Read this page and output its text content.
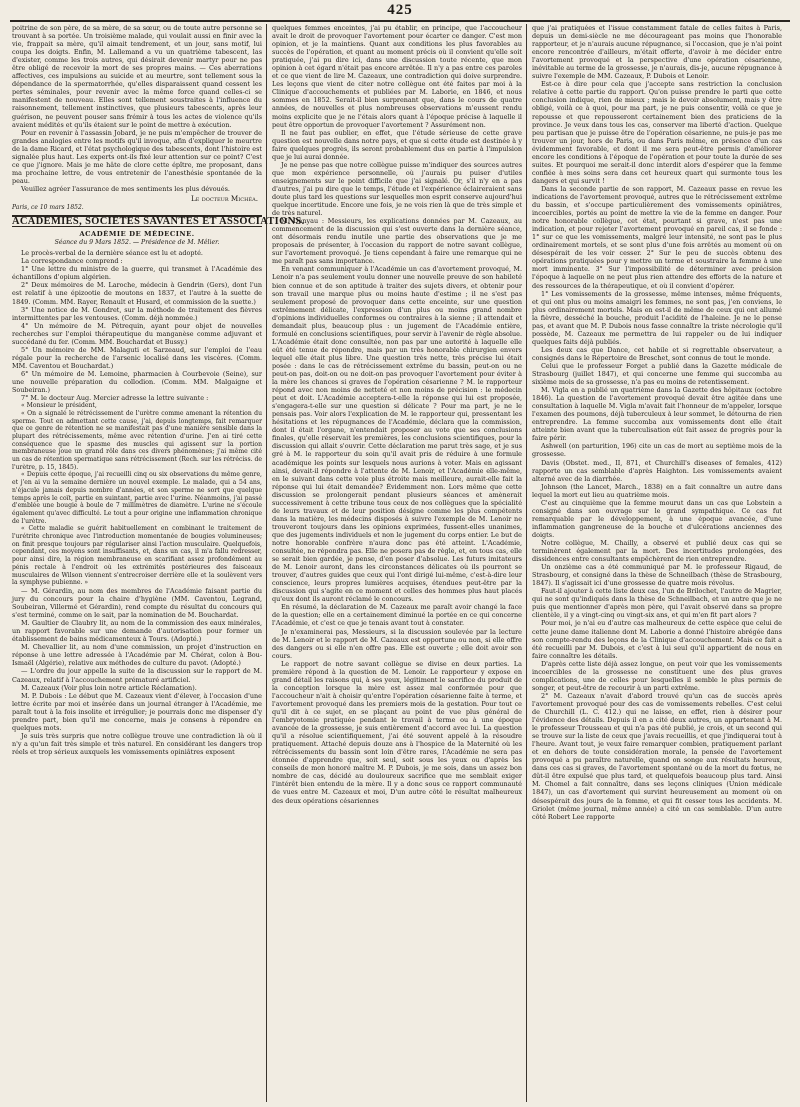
425

poitrine de son père, de sa mère, de sa sœur, ou de toute autre personne se trouvant à sa portée. Un troisième malade, qui voulait aussi en finir avec la vie, frappait sa mère, qu'il aimait tendrement, et un jour, sans motif, lui coupa les doigts. Enfin, M. Lallemand a vu un quatrième tabescent, las d'exister, comme les trois autres, qui désirait devenir martyr pour ne pas être obligé de recevoir la mort de ses propres mains. — Ces aberrations affectives, ces impulsions au suicide et au meurtre, sont tellement sous la dépendance de la spermatorrhée, qu'elles disparaissent quand cessent les pertes séminales, pour revenir avec la même force quand celles-ci se manifestent de nouveau. Elles sont tellement soustraites à l'influence du raisonnement, tellement instinctives, que plusieurs tabescents, après leur guérison, ne peuvent pouser sans frémir à tous les actes de violence qu'ils avaient médités et qu'ils étaient sur le point de mettre à exécution.

Pour en revenir à l'assassin Jobard, je ne puis m'empêcher de trouver de grandes analogies entre les motifs qu'il invoque, afin d'expliquer le meurtre de la dame Ricard, et l'état psychologique des tabescents, dont l'histoire est signalée plus haut. Les experts ont-ils fixé leur attention sur ce point? C'est ce que j'ignore. Mais je me hâte de clore cette épître, me proposant, dans ma prochaine lettre, de vous entretenir de l'anesthésie spontanée de la peau.

Veuillez agréer l'assurance de mes sentiments les plus dévoués.

Le docteur Michéa.

Paris, ce 10 mars 1852.

ACADÉMIES, SOCIÉTÉS SAVANTES ET ASSOCIATIONS.

ACADÉMIE DE MÉDECINE.

Séance du 9 Mars 1852. — Présidence de M. Mêlier.

Le procès-verbal de la dernière séance est lu et adopté.

La correspondance comprend :

1° Une lettre du ministre de la guerre, qui transmet à l'Académie des échantillons d'opium algérien.

2° Deux mémoires de M. Laroche, médecin à Gendrin (Gers), dont l'un est relatif à une épizootie de moutons en 1837, et l'autre à la suette de 1849. (Comm. MM. Rayer, Renault et Husard, et commission de la suette.)

3° Une notice de M. Gondret, sur la méthode de traitement des fièvres intermittentes par les ventouses. (Comm. déjà nommée.)

4° Un mémoire de M. Pétrequin, ayant pour objet de nouvelles recherches sur l'emploi thérapeutique du manganèse comme adjuvant et succédané du fer. (Comm. MM. Bouchardat et Bussy.)

5° Un mémoire de MM. Malaguti et Sarzeaud, sur l'emploi de l'eau régale pour la recherche de l'arsenic localisé dans les viscères. (Comm. MM. Caventou et Bouchardat.)

6° Un mémoire de M. Lemoine, pharmacien à Courbevoie (Seine), sur une nouvelle préparation du collodion. (Comm. MM. Malgaigne et Soubeiran.)

7° M. le docteur Aug. Mercier adresse la lettre suivante :

« Monsieur le président,

« On a signalé le rétrécissement de l'urètre comme amenant la rétention du sperme. Tout en admettant cette cause, j'ai, depuis longtemps, fait remarquer que ce genre de rétention ne se manifestait pas d'une manière sensible dans la plupart des rétrécissements, même avec rétention d'urine. J'en ai tiré cette conséquence que le spasme des muscles qui agissent sur la portion membraneuse joue un grand rôle dans ces divers phénomènes; j'ai même cité un cas de rétention spermatique sans rétrécissement (Rech. sur les rétréciss. de l'urètre, p. 15, 1845).

« Depuis cette époque, j'ai recueilli cinq ou six observations du même genre, et j'en ai vu la semaine dernière un nouvel exemple. Le malade, qui a 54 ans, n'éjacule jamais depuis nombre d'années, et son sperme ne sort que quelque temps après le coït, partie en suintant, partie avec l'urine. Néanmoins, j'ai passé d'emblée une bougie à boule de 7 millimètres de diamètre. L'urine ne s'écoule également qu'avec difficulté. Le tout a pour origine une inflammation chronique de l'urètre.

« Cette maladie se guérit habituellement en combinant le traitement de l'urétrite chronique avec l'introduction momentanée de bougies volumineuses; on finit presque toujours par régulariser ainsi l'action musculaire. Quelquefois, cependant, ces moyens sont insuffisants, et, dans un cas, il m'a fallu redresser, pour ainsi dire, la région membraneuse en scarifiant assez profondément au pénis rectale à l'endroit où les extrémités postérieures des faisceaux musculaires de Wilson viennent s'entrecroiser derrière elle et la soulèvent vers la symphyse pubienne. »

— M. Gérardin, au nom des membres de l'Académie faisant partie du jury du concours pour la chaire d'hygiène (MM. Caventou, Legrand, Soubeiran, Villermé et Gérardin), rend compte du résultat du concours qui s'est terminé, comme on le sait, par la nomination de M. Bouchardat.

M. Gaultier de Claubry lit, au nom de la commission des eaux minérales, un rapport favorable sur une demande d'autorisation pour former un établissement de bains médicamenteux à Tours. (Adopté.)

M. Chevallier lit, au nom d'une commission, un projet d'instruction en réponse à une lettre adressée à l'Académie par M. Chérat, colon à Bou-Ismaël (Algérie), relative aux méthodes de culture du pavot. (Adopté.)

— L'ordre du jour appelle la suite de la discussion sur le rapport de M. Cazeaux, relatif à l'accouchement prématuré artificiel.

M. Cazeaux (Voir plus loin notre article Réclamation).

M. P. Dubois : Le début que M. Cazeaux vient d'élever, à l'occasion d'une lettre écrite par moi et insérée dans un journal étranger à l'Académie, me paraît tout à la fois insolite et irrégulier; je pourrais donc me dispenser d'y prendre part, bien qu'il me concerne, mais je consens à répondre en quelques mots.

Je suis très surpris que notre collègue trouve une contradiction là où il n'y a qu'un fait très simple et très naturel. En considérant les dangers trop réels et trop sérieux auxquels les vomissements opiniâtres exposent

quelques femmes enceintes, j'ai pu établir, en principe, que l'accoucheur avait le droit de provoquer l'avortement pour écarter ce danger. C'est mon opinion, et je la maintiens. Quant aux conditions les plus favorables au succès de l'opération, et quant au moment précis où il convient qu'elle soit pratiquée, j'ai pu dire ici, dans une discussion toute récente, que mon opinion à cet égard n'était pas encore arrêtée. Il n'y a pas entre ces paroles et ce que vient de lire M. Cazeaux, une contradiction qui doive surprendre. Les leçons que vient de citer notre collègue ont été faites par moi à la Clinique d'accouchements et publiées par M. Laborie, en 1846, et nous sommes en 1852. Serait-il bien surprenant que, dans le cours de quatre années, de nouvelles et plus nombreuses observations m'eussent rendu moins explicite que je ne l'étais alors quant à l'époque précise à laquelle il peut être opportun de provoquer l'avortement ? Assurément non.

Il ne faut pas oublier, en effet, que l'étude sérieuse de cette grave question est nouvelle dans notre pays, et que si cette étude est destinée à y faire quelques progrès, ils seront probablement dus en partie à l'impulsion que je lui aurai donnée.

Je ne pense pas que notre collègue puisse m'indiquer des sources autres que mon expérience personnelle, où j'aurais pu puiser d'utiles enseignements sur le point difficile que j'ai signalé. Or, s'il n'y en a pas d'autres, j'ai pu dire que le temps, l'étude et l'expérience éclaireraient sans doute plus tard les questions sur lesquelles mon esprit conserve aujourd'hui quelque incertitude. Encore une fois, je ne vois rien là que de très simple et de très naturel.

M. Danyau : Messieurs, les explications données par M. Cazeaux, au commencement de la discussion qui s'est ouverte dans la dernière séance, ont désormais rendu inutile une partie des observations que je me proposais de présenter, à l'occasion du rapport de notre savant collègue, sur l'avortement provoqué. Je tiens cependant à faire une remarque qui ne me paraît pas sans importance.

En venant communiquer à l'Académie un cas d'avortement provoqué, M. Lenoir n'a pas seulement voulu donner une nouvelle preuve de son habileté bien connue et de son aptitude à traiter des sujets divers, et obtenir pour son travail une marque plus ou moins haute d'estime ; il ne s'est pas seulement proposé de provoquer dans cette enceinte, sur une question extrêmement délicate, l'expression d'un plus ou moins grand nombre d'opinions individuelles conformes ou contraires à la sienne ; il attendait et demandait plus, beaucoup plus : un jugement de l'Académie entière, formulé en conclusions scientifiques, pour servir à l'avenir de règle absolue. L'Académie était donc consultée, non pas par une autorité à laquelle elle eût été tenue de répondre, mais par un très honorable chirurgien envers lequel elle était plus libre. Une question très nette, très précise lui était posée : dans le cas de rétrécissement extrême du bassin, peut-on ou ne peut-on pas, doit-on ou ne doit-on pas provoquer l'avortement pour éviter à la mère les chances si graves de l'opération césarienne ? M. le rapporteur répond avec non moins de netteté et non moins de précision : le médecin peut et doit. L'Académie acceptera-t-elle la réponse qui lui est proposée, s'engagera-t-elle sur une question si délicate ? Pour ma part, je ne le pensais pas. Voir alors l'explication de M. le rapporteur qui, pressentant les hésitations et les répugnances de l'Académie, déclara que la commission, dont il était l'organe, n'entendait proposer au vote que ses conclusions finales, qu'elle réservait les premières, les conclusions scientifiques, pour la discussion qui allait s'ouvrir. Cette déclaration me parut très sage, et je sus gré à M. le rapporteur du soin qu'il avait pris de réduire à une formule académique les points sur lesquels nous aurions à voter. Mais en agissant ainsi, devait-il répondre à l'attente de M. Lenoir, et l'Académie elle-même, en le suivant dans cette voie plus étroite mais meilleure, aurait-elle fait la réponse qui lui était demandée? Évidemment non. Lors même que cette discussion se prolongerait pendant plusieurs séances et amènerait successivement à cette tribune tous ceux de nos collègues que la spécialité de leurs travaux et de leur position désigne comme les plus compétents dans la matière, les médecins disposés à suivre l'exemple de M. Lenoir ne trouveront toujours dans les opinions exprimées, fussent-elles unanimes, que des jugements individuels et non le jugement du corps entier. Le but de notre honorable confrère n'aura donc pas été atteint. L'Académie, consultée, ne répondra pas. Elle ne posera pas de règle, et, en tous cas, elle se serait bien gardée, je pense, d'en poser d'absolue. Les futurs imitateurs de M. Lenoir auront, dans les circonstances délicates où ils pourront se trouver, d'autres guides que ceux qui l'ont dirigé lui-même, c'est-à-dire leur conscience, leurs propres lumières acquises, étendues peut-être par la discussion qui s'agite en ce moment et celles des hommes plus haut placés qu'eux dont ils auront réclamé le concours.

En résumé, la déclaration de M. Cazeaux me paraît avoir changé la face de la question; elle en a certainement diminué la portée en ce qui concerne l'Académie, et c'est ce que je tenais avant tout à constater.

Je n'examinerai pas, Messieurs, si la discussion soulevée par la lecture de M. Lenoir et le rapport de M. Cazeaux est opportune ou non, si elle offre des dangers ou si elle n'en offre pas. Elle est ouverte ; elle doit avoir son cours.

Le rapport de notre savant collègue se divise en deux parties. La première répond à la question de M. Lenoir. Le rapporteur y expose en grand détail les raisons qui, à ses yeux, légitiment le sacrifice du produit de la conception lorsque la mère est assez mal conformée pour que l'accoucheur n'ait à choisir qu'entre l'opération césarienne faite à terme, et l'avortement provoqué dans les premiers mois de la gestation. Pour tout ce qu'il dit à ce sujet, en se plaçant au point de vue plus général de l'embryotomie pratiquée pendant le travail à terme ou à une époque avancée de la grossesse, je suis entièrement d'accord avec lui. La question qu'il a résolue scientifiquement, j'ai été souvent appelé à la résoudre pratiquement. Attaché depuis douze ans à l'hospice de la Maternité où les rétrécissements du bassin sont loin d'être rares, l'Académie ne sera pas étonnée d'apprendre que, soit seul, soit sous les yeux ou d'après les conseils de mon honoré maître M. P. Dubois, je me sois, dans un assez bon nombre de cas, décidé au douloureux sacrifice que me semblait exiger l'intérêt bien entendu de la mère. Il y a donc sous ce rapport communauté de vues entre M. Cazeaux et moi, D'un autre côté le résultat malheureux des deux opérations césariennes

que j'ai pratiquées et l'issue constamment fatale de celles faites à Paris, depuis un demi-siècle ne me décourageant pas moins que l'honorable rapporteur, et je n'aurais aucune répugnance, si l'occasion, que je n'ai point encore rencontrée d'ailleurs, m'était offerte, d'avoir à me décider entre l'avortement provoqué et la perspective d'une opération césarienne, inévitable au terme de la grossesse, je n'aurais, dis-je, aucune répugnance à suivre l'exemple de MM. Cazeaux, P. Dubois et Lenoir.

Est-ce à dire pour cela que j'accepte sans restriction la conclusion relative à cette partie du rapport. Qu'on puisse prendre le parti que cette conclusion indique, rien de mieux ; mais le devoir absolument, mais y être obligé, voilà ce à quoi, pour ma part, je ne puis consentir, voilà ce que je repousse et que repousseront certainement bien des praticiens de la province. Je veux dans tous les cas, conserver ma liberté d'action. Quelque peu partisan que je puisse être de l'opération césarienne, ne puis-je pas me trouver un jour, hors de Paris, ou dans Paris même, en présence d'un cas évidemment favorable, et dont il me sera peut-être permis d'améliorer encore les conditions à l'époque de l'opération et pour toute la durée de ses suites. Et pourquoi me serait-il donc interdit alors d'espérer que la femme confiée à mes soins sera dans cet heureux quart qui surmonte tous les dangers et qui survit !

Dans la seconde partie de son rapport, M. Cazeaux passe en revue les indications de l'avortement provoqué, autres que le rétrécissement extrême du bassin, et s'occupe particulièrement des vomissements opiniâtres, incoercibles, portés au point de mettre la vie de la femme en danger. Pour notre honorable collègue, cet état, pourtant si grave, n'est pas une indication, et pour rejeter l'avortement provoqué en pareil cas, il se fonde : 1° sur ce que les vomissements, malgré leur intensité, ne sont pas le plus ordinairement mortels, et se sont plus d'une fois arrêtés au moment où on désespérait de les voir cesser. 2° Sur le peu de succès obtenu des opérations pratiquées pour y mettre un terme et soustraire la femme à une mort imminente. 3° Sur l'impossibilité de déterminer avec précision l'époque à laquelle on ne peut plus rien attendre des efforts de la nature et des ressources de la thérapeutique, et où il convient d'opérer.

1° Les vomissements de la grossesse, même intenses, même fréquents, et qui ont plus ou moins amaigri les femmes, ne sont pas, j'en conviens, le plus ordinairement mortels. Mais en est-il de même de ceux qui ont allumé la fièvre, desséché la bouche, produit l'acidité de l'haleine. Je ne le pense pas, et avant que M. P. Dubois nous fasse connaître la triste nécrologie qu'il possède, M. Cazeaux me permettra de lui rappeler ou de lui indiquer quelques faits déjà publiés.

Les deux cas que Dance, cet habile et si regrettable observateur, a consignés dans le Répertoire de Breschet, sont connus de tout le monde.

Celui que le professeur Forget a publié dans la Gazette médicale de Strasbourg (juillet 1847), et qui concerne une femme qui succomba au sixième mois de sa grossesse, n'a pas eu moins de retentissement.

M. Vigla en a publié un quatrième dans la Gazette des hôpitaux (octobre 1846). La question de l'avortement provoqué devait être agitée dans une consultation à laquelle M. Vigla m'avait fait l'honneur de m'appeler, lorsque l'examen des poumons, déjà tuberculeux à leur sommet, le détourna de rien entreprendre. La femme succomba aux vomissements dont elle était atteinte bien avant que la tuberculisation eût fait assez de progrès pour la faire périr.

Ashwell (on parturition, 196) cite un cas de mort au septième mois de la grossesse.

Davis (Obstet. med., II, 871, et Churchill's diseases of females, 412) rapporte un cas semblable d'après Haighton. Les vomissements avaient alterné avec de la diarrhée.

Johnson (the Lancet, March., 1838) en a fait connaître un autre dans lequel la mort eut lieu au quatrième mois.

C'est au cinquième que la femme mourut dans un cas que Lobstein a consigné dans son ouvrage sur le grand sympathique. Ce cas fut remarquable par le développement, à une époque avancée, d'une inflammation gangreneuse de la bouche et d'ulcérations anciennes des doigts.

Notre collègue, M. Chailly, a observé et publié deux cas qui se terminèrent également par la mort. Des incertitudes prolongées, des dissidences entre consultants empêchèrent de rien entreprendre.

Un onzième cas a été communiqué par M. le professeur Rigaud, de Strasbourg, et consigné dans la thèse de Schneilbach (thèse de Strasbourg, 1847). Il s'agissait ici d'une grossesse de quatre mois révolus.

Faut-il ajouter à cette liste deux cas, l'un de Brilochet, l'autre de Magrier, qui ne sont qu'indiqués dans la thèse de Schneilbach, et un autre que je ne puis que mentionner d'après mon père, qui l'avait observé dans sa propre clientèle, il y a vingt-cinq ou vingt-six ans, et qui m'en fit part alors ?

Pour moi, je n'ai eu d'autre cas malheureux de cette espèce que celui de cette jeune dame italienne dont M. Laborie a donné l'histoire abrégée dans son compte-rendu des leçons de la Clinique d'accouchement. Mais ce fait a été recueilli par M. Dubois, et c'est à lui seul qu'il appartient de nous en faire connaître les détails.

D'après cette liste déjà assez longue, on peut voir que les vomissements incoercibles de la grossesse ne constituent une des plus graves complications, une de celles pour lesquelles il semble le plus permis de songer, et peut-être de recourir à un parti extrême.

2° M. Cazeaux n'avait d'abord trouvé qu'un cas de succès après l'avortement provoqué pour des cas de vomissements rebelles. C'est celui de Churchill (L. C. 412.) qui ne laisse, en effet, rien à désirer pour l'évidence des détails. Depuis il en a cité deux autres, un appartenant à M. le professeur Trousseau et qui n'a pas été publié, je crois, et un second qui se trouve sur la liste de ceux que j'avais recueillis, et que j'indiquerai tout à l'heure. Avant tout, je veux faire remarquer combien, pratiquement parlant et en dehors de toute considération morale, la pensée de l'avortement provoqué a pu paraître naturelle, quand on songe aux résultats heureux, dans ces cas si graves, de l'avortement spontané ou de la mort du fœtus, ne dût-il être expulsé que plus tard, et quelquefois beaucoup plus tard. Ainsi M. Chomel a fait connaître, dans ses leçons cliniques (Union médicale 1847), un cas d'avortement qui survint heureusement au moment où on désespérait des jours de la femme, et qui fit cesser tous les accidents. M. Griolet (même journal, même année) a cité un cas semblable. D'un autre côté Robert Lee rapporte
